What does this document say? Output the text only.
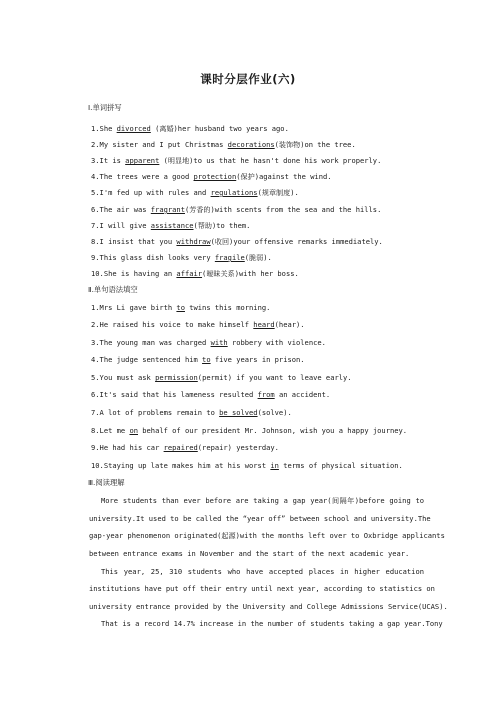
课时分层作业(六)
Ⅰ.单词拼写
1.She divorced (离婚)her husband two years ago.
2.My sister and I put Christmas decorations(装饰物)on the tree.
3.It is apparent (明显地)to us that he hasn't done his work properly.
4.The trees were a good protection(保护)against the wind.
5.I'm fed up with rules and regulations(规章制度).
6.The air was fragrant(芳香的)with scents from the sea and the hills.
7.I will give assistance(帮助)to them.
8.I insist that you withdraw(收回)your offensive remarks immediately.
9.This glass dish looks very fragile(脆弱).
10.She is having an affair(暧昧关系)with her boss.
Ⅱ.单句语法填空
1.Mrs Li gave birth to twins this morning.
2.He raised his voice to make himself heard(hear).
3.The young man was charged with robbery with violence.
4.The judge sentenced him to five years in prison.
5.You must ask permission(permit) if you want to leave early.
6.It's said that his lameness resulted from an accident.
7.A lot of problems remain to be solved(solve).
8.Let me on behalf of our president Mr. Johnson, wish you a happy journey.
9.He had his car repaired(repair) yesterday.
10.Staying up late makes him at his worst in terms of physical situation.
Ⅲ.阅读理解
More students than ever before are taking a gap year(间隔年)before going to
university.It used to be called the “year off” between school and university.The
gap-year phenomenon originated(起源)with the months left over to Oxbridge applicants
between entrance exams in November and the start of the next academic year.
This year, 25, 310 students who have accepted places in higher education
institutions have put off their entry until next year, according to statistics on
university entrance provided by the University and College Admissions Service(UCAS).
That is a record 14.7% increase in the number of students taking a gap year.Tony
